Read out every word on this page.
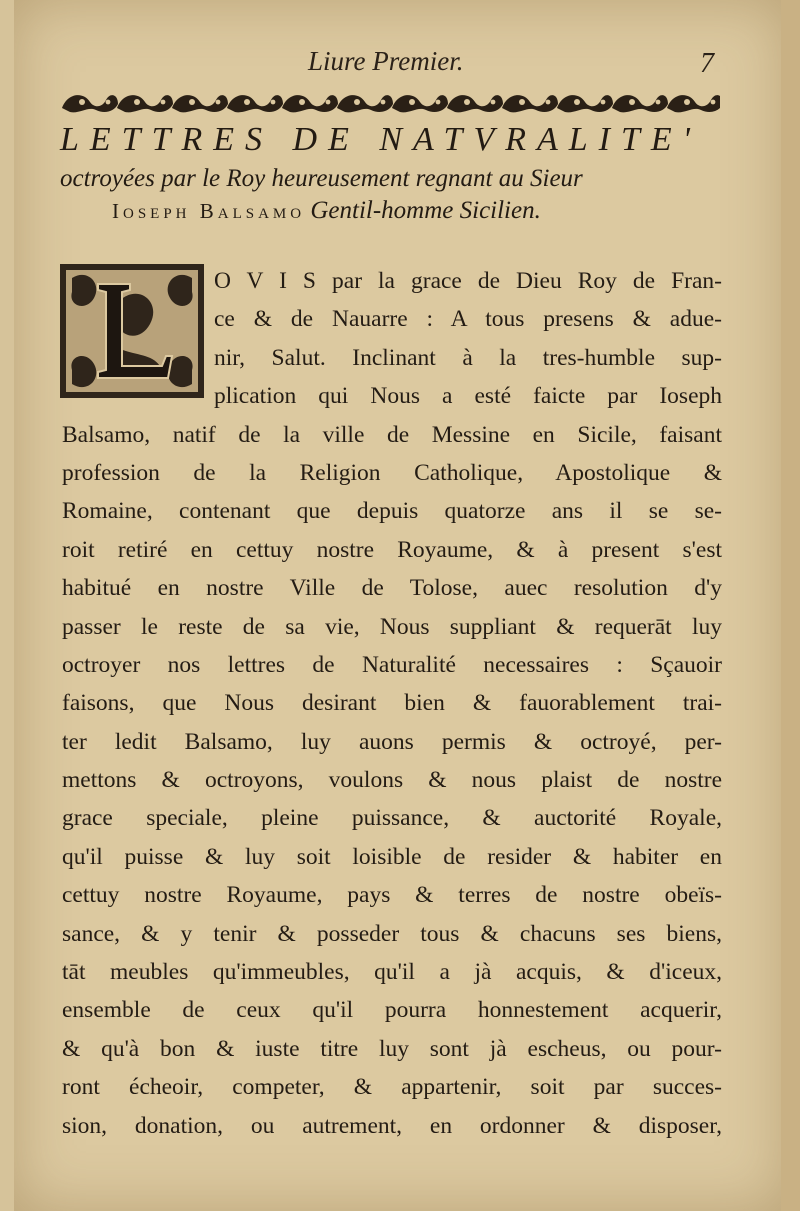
Liure Premier.	7

LETTRES DE NATVRALITE'

octroyées par le Roy heureusement regnant au Sieur

Ioseph Balsamo Gentil-homme Sicilien.

O V I S par la grace de Dieu Roy de Fran-
ce & de Nauarre : A tous presens & adue-
nir, Salut. Inclinant à la tres-humble sup-
plication qui Nous a esté faicte par Ioseph
Balsamo, natif de la ville de Messine en Sicile, faisant
profession de la Religion Catholique, Apostolique &
Romaine, contenant que depuis quatorze ans il se se-
roit retiré en cettuy nostre Royaume, & à present s'est
habitué en nostre Ville de Tolose, auec resolution d'y
passer le reste de sa vie, Nous suppliant & requerāt luy
octroyer nos lettres de Naturalité necessaires : Sçauoir
faisons, que Nous desirant bien & fauorablement trai-
ter ledit Balsamo, luy auons permis & octroyé, per-
mettons & octroyons, voulons & nous plaist de nostre
grace speciale, pleine puissance, & auctorité Royale,
qu'il puisse & luy soit loisible de resider & habiter en
cettuy nostre Royaume, pays & terres de nostre obeïs-
sance, & y tenir & posseder tous & chacuns ses biens,
tāt meubles qu'immeubles, qu'il a jà acquis, & d'iceux,
ensemble de ceux qu'il pourra honnestement acquerir,
& qu'à bon & iuste titre luy sont jà escheus, ou pour-
ront écheoir, competer, & appartenir, soit par succes-
sion, donation, ou autrement, en ordonner & disposer,
